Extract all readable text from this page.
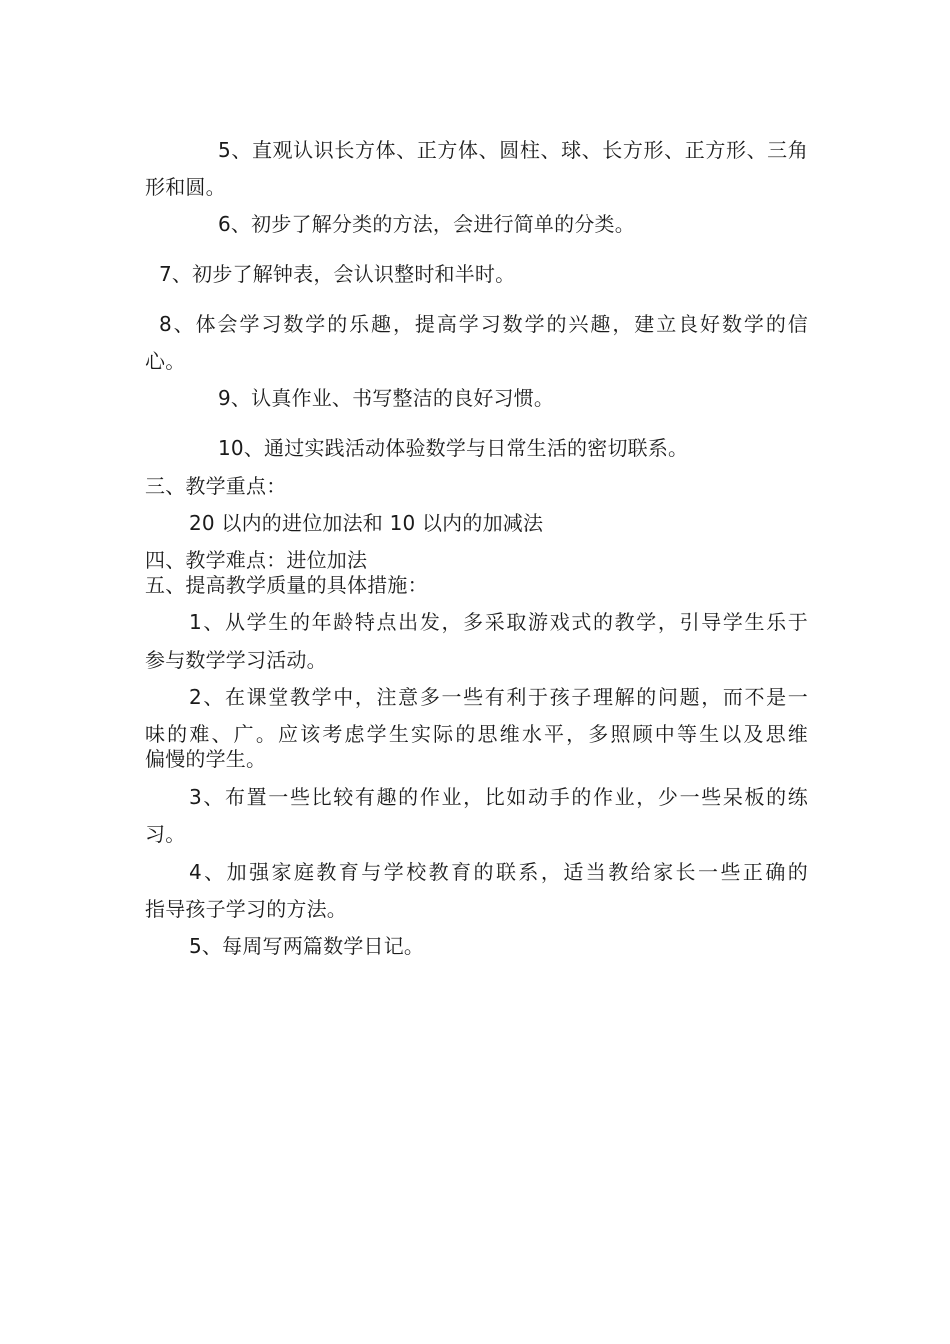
5、直观认识长方体、正方体、圆柱、球、长方形、正方形、三角
形和圆。
6、初步了解分类的方法，会进行简单的分类。
7、初步了解钟表，会认识整时和半时。
8、体会学习数学的乐趣，提高学习数学的兴趣，建立良好数学的信
心。
9、认真作业、书写整洁的良好习惯。
10、通过实践活动体验数学与日常生活的密切联系。
三、教学重点：
20 以内的进位加法和 10 以内的加减法
四、教学难点：进位加法
五、提高教学质量的具体措施：
1、从学生的年龄特点出发，多采取游戏式的教学，引导学生乐于
参与数学学习活动。
2、在课堂教学中，注意多一些有利于孩子理解的问题，而不是一
味的难、广。应该考虑学生实际的思维水平，多照顾中等生以及思维
偏慢的学生。
3、布置一些比较有趣的作业，比如动手的作业，少一些呆板的练
习。
4、加强家庭教育与学校教育的联系，适当教给家长一些正确的
指导孩子学习的方法。
5、每周写两篇数学日记。
